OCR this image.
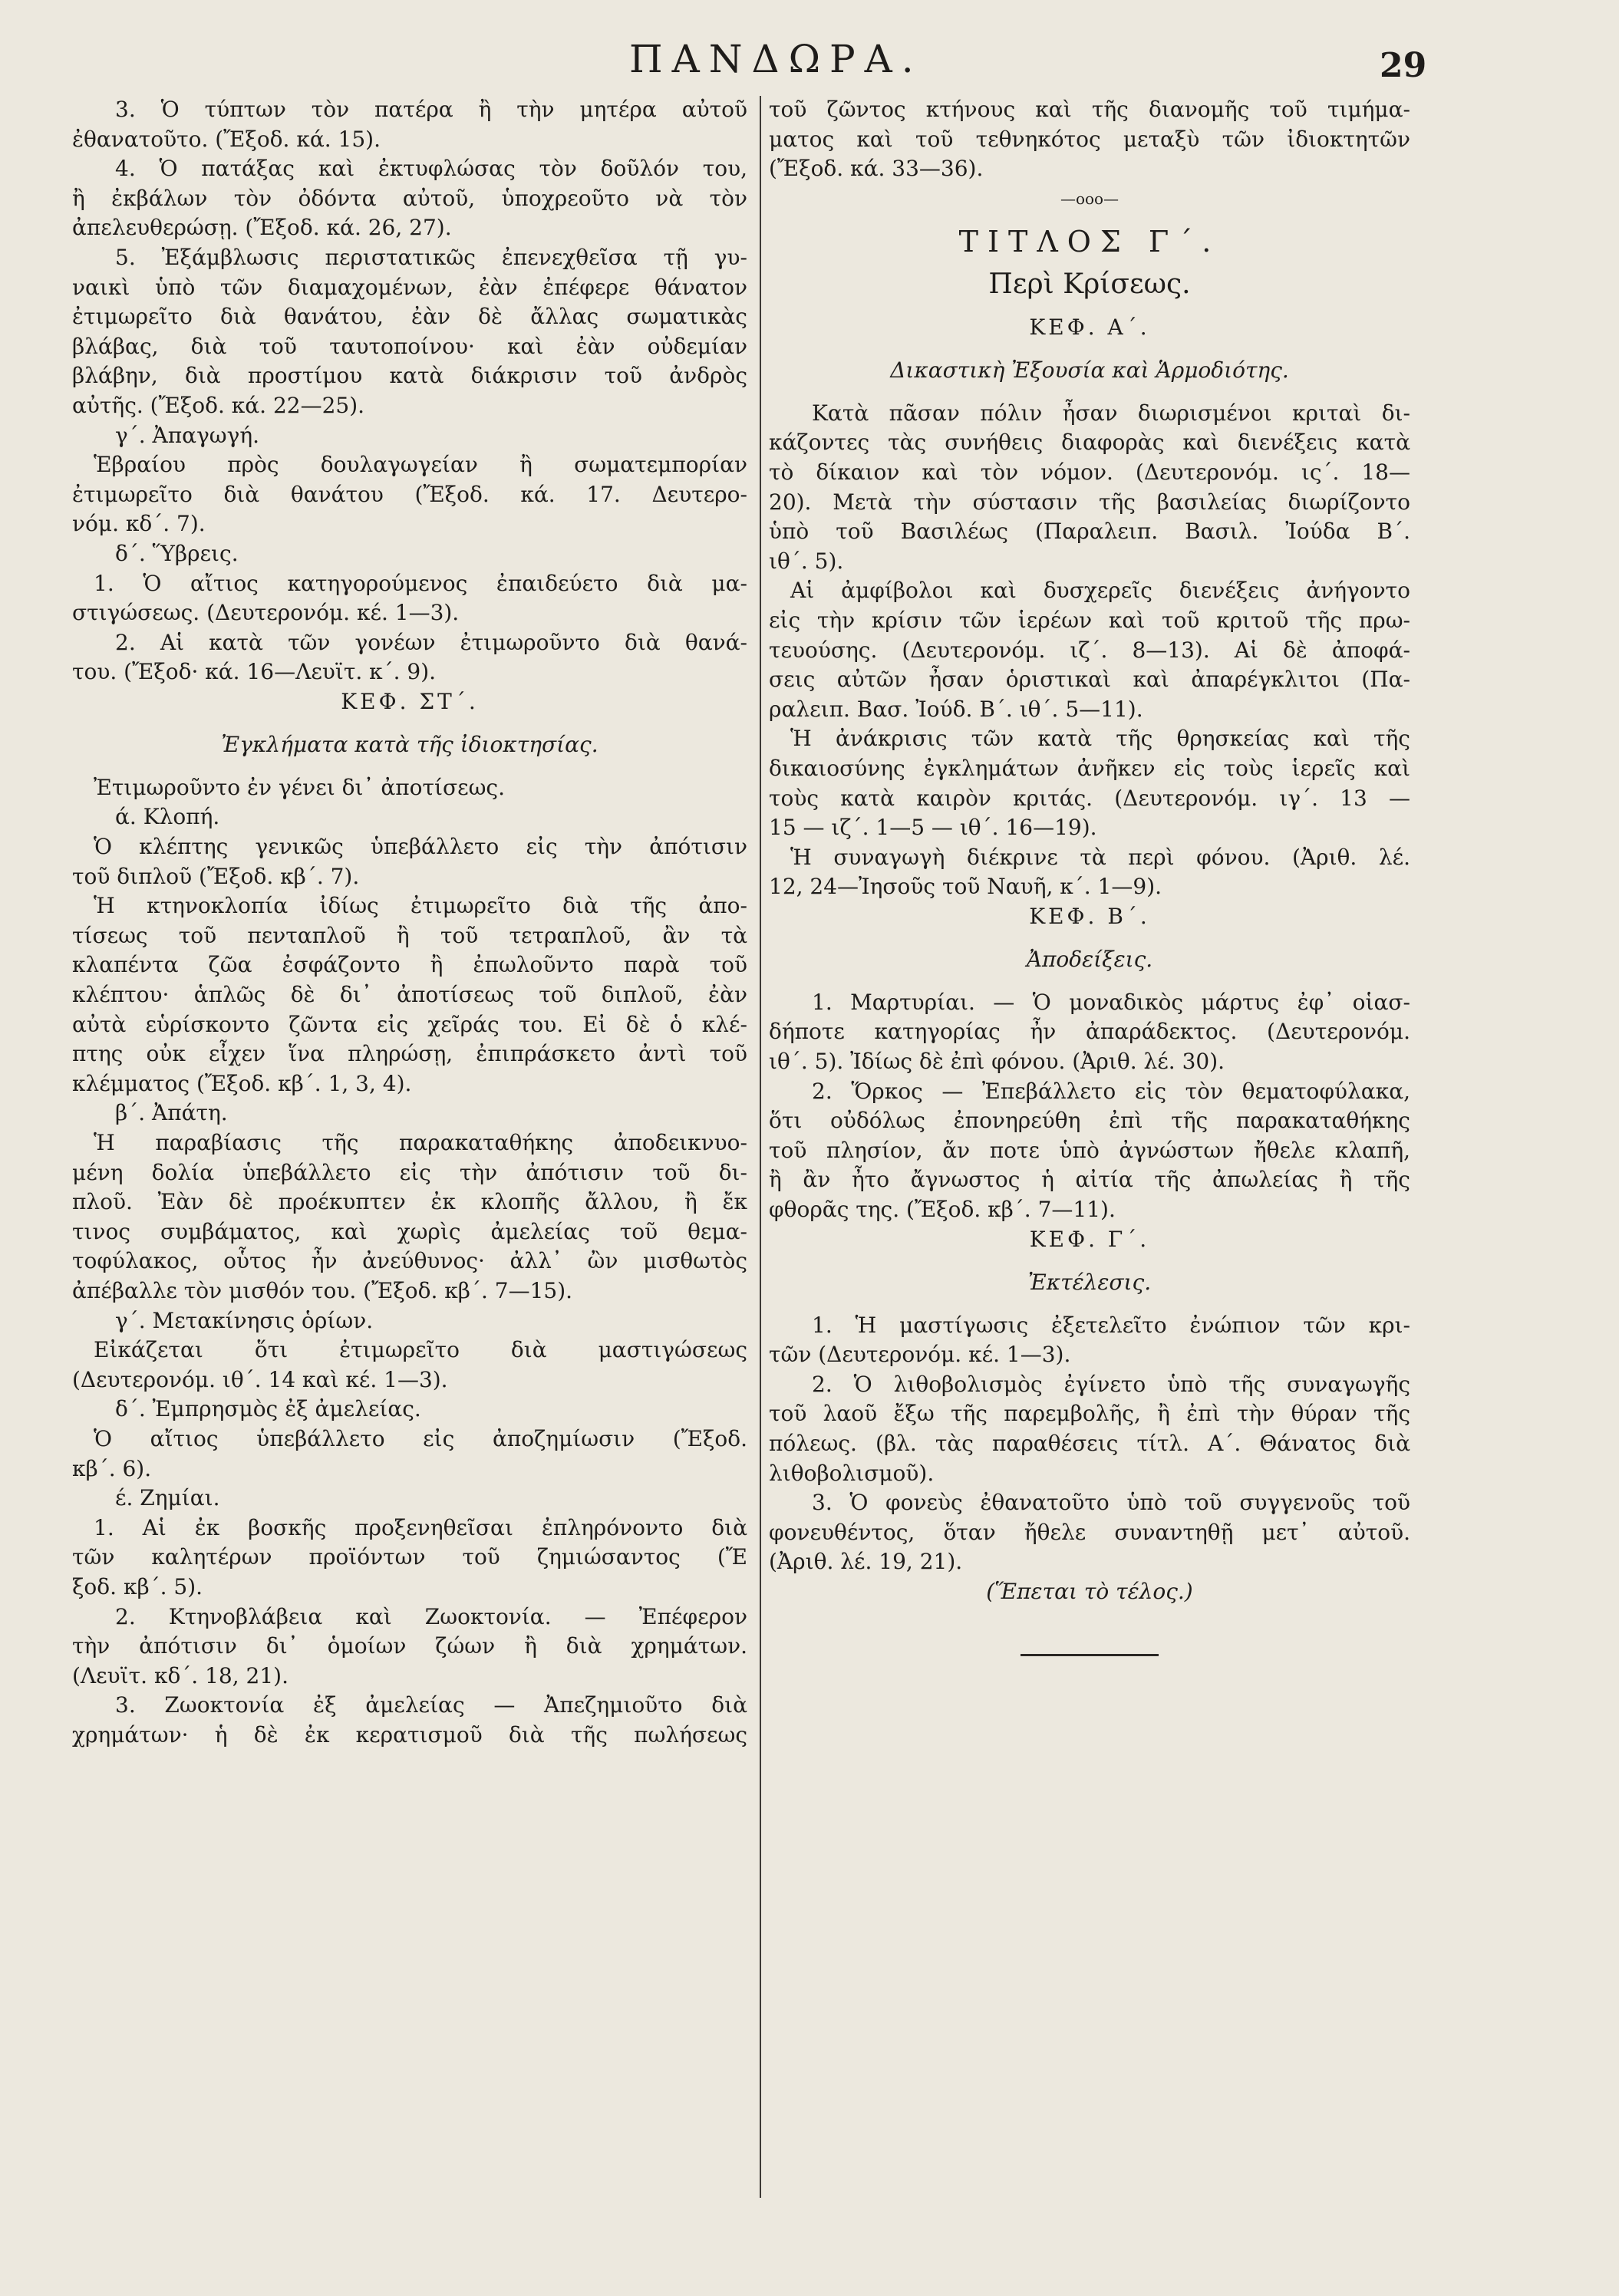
ΠΑΝΔΩΡΑ.	29
3. Ὁ τύπτων τὸν πατέρα ἢ τὴν μητέρα αὐτοῦ
ἐθανατοῦτο. (Ἔξοδ. κά. 15).
4. Ὁ πατάξας καὶ ἐκτυφλώσας τὸν δοῦλόν του,
ἢ ἐκβάλων τὸν ὀδόντα αὐτοῦ, ὑποχρεοῦτο νὰ τὸν
ἀπελευθερώσῃ. (Ἔξοδ. κά. 26, 27).
5. Ἐξάμβλωσις περιστατικῶς ἐπενεχθεῖσα τῇ γυ-
ναικὶ ὑπὸ τῶν διαμαχομένων, ἐὰν ἐπέφερε θάνατον
ἐτιμωρεῖτο διὰ θανάτου, ἐὰν δὲ ἄλλας σωματικὰς
βλάβας, διὰ τοῦ ταυτοποίνου· καὶ ἐὰν οὐδεμίαν
βλάβην, διὰ προστίμου κατὰ διάκρισιν τοῦ ἀνδρὸς
αὐτῆς. (Ἔξοδ. κά. 22—25).
γ΄. Ἀπαγωγή.
Ἑβραίου πρὸς δουλαγωγείαν ἢ σωματεμπορίαν
ἐτιμωρεῖτο διὰ θανάτου (Ἔξοδ. κά. 17. Δευτερο-
νόμ. κδ΄. 7).
δ΄. Ὕβρεις.
1. Ὁ αἴτιος κατηγορούμενος ἐπαιδεύετο διὰ μα-
στιγώσεως. (Δευτερονόμ. κέ. 1—3).
2. Αἱ κατὰ τῶν γονέων ἐτιμωροῦντο διὰ θανά-
του. (Ἔξοδ· κά. 16—Λευϊτ. κ΄. 9).
ΚΕΦ. ΣΤ΄.
Ἐγκλήματα κατὰ τῆς ἰδιοκτησίας.
Ἐτιμωροῦντο ἐν γένει δι᾽ ἀποτίσεως.
ά. Κλοπή.
Ὁ κλέπτης γενικῶς ὑπεβάλλετο εἰς τὴν ἀπότισιν
τοῦ διπλοῦ (Ἔξοδ. κβ΄. 7).
Ἡ κτηνοκλοπία ἰδίως ἐτιμωρεῖτο διὰ τῆς ἀπο-
τίσεως τοῦ πενταπλοῦ ἢ τοῦ τετραπλοῦ, ἂν τὰ
κλαπέντα ζῶα ἐσφάζοντο ἢ ἐπωλοῦντο παρὰ τοῦ
κλέπτου· ἁπλῶς δὲ δι᾽ ἀποτίσεως τοῦ διπλοῦ, ἐὰν
αὐτὰ εὑρίσκοντο ζῶντα εἰς χεῖράς του. Εἰ δὲ ὁ κλέ-
πτης οὐκ εἶχεν ἵνα πληρώσῃ, ἐπιπράσκετο ἀντὶ τοῦ
κλέμματος (Ἔξοδ. κβ΄. 1, 3, 4).
β΄. Ἀπάτη.
Ἡ παραβίασις τῆς παρακαταθήκης ἀποδεικνυο-
μένη δολία ὑπεβάλλετο εἰς τὴν ἀπότισιν τοῦ δι-
πλοῦ. Ἐὰν δὲ προέκυπτεν ἐκ κλοπῆς ἄλλου, ἢ ἔκ
τινος συμβάματος, καὶ χωρὶς ἀμελείας τοῦ θεμα-
τοφύλακος, οὗτος ἦν ἀνεύθυνος· ἀλλ᾽ ὢν μισθωτὸς
ἀπέβαλλε τὸν μισθόν του. (Ἔξοδ. κβ΄. 7—15).
γ΄. Μετακίνησις ὁρίων.
Εἰκάζεται ὅτι ἐτιμωρεῖτο διὰ μαστιγώσεως
(Δευτερονόμ. ιθ΄. 14 καὶ κέ. 1—3).
δ΄. Ἐμπρησμὸς ἐξ ἀμελείας.
Ὁ αἴτιος ὑπεβάλλετο εἰς ἀποζημίωσιν (Ἔξοδ.
κβ΄. 6).
έ. Ζημίαι.
1. Αἱ ἐκ βοσκῆς προξενηθεῖσαι ἐπληρόνοντο διὰ
τῶν καλητέρων προϊόντων τοῦ ζημιώσαντος (Ἔ
ξοδ. κβ΄. 5).
2. Κτηνοβλάβεια καὶ Ζωοκτονία. — Ἐπέφερον
τὴν ἀπότισιν δι᾽ ὁμοίων ζώων ἢ διὰ χρημάτων.
(Λευϊτ. κδ΄. 18, 21).
3. Ζωοκτονία ἐξ ἀμελείας — Ἀπεζημιοῦτο διὰ
χρημάτων· ἡ δὲ ἐκ κερατισμοῦ διὰ τῆς πωλήσεως
τοῦ ζῶντος κτήνους καὶ τῆς διανομῆς τοῦ τιμήμα-
ματος καὶ τοῦ τεθνηκότος μεταξὺ τῶν ἰδιοκτητῶν
(Ἔξοδ. κά. 33—36).
—οοο—
ΤΙΤΛΟΣ Γ΄.
Περὶ Κρίσεως.
ΚΕΦ. Α΄.
Δικαστικὴ Ἐξουσία καὶ Ἁρμοδιότης.
Κατὰ πᾶσαν πόλιν ἦσαν διωρισμένοι κριταὶ δι-
κάζοντες τὰς συνήθεις διαφορὰς καὶ διενέξεις κατὰ
τὸ δίκαιον καὶ τὸν νόμον. (Δευτερονόμ. ις΄. 18—
20). Μετὰ τὴν σύστασιν τῆς βασιλείας διωρίζοντο
ὑπὸ τοῦ Βασιλέως (Παραλειπ. Βασιλ. Ἰούδα Β΄.
ιθ΄. 5).
Αἱ ἀμφίβολοι καὶ δυσχερεῖς διενέξεις ἀνήγοντο
εἰς τὴν κρίσιν τῶν ἱερέων καὶ τοῦ κριτοῦ τῆς πρω-
τευούσης. (Δευτερονόμ. ιζ΄. 8—13). Αἱ δὲ ἀποφά-
σεις αὐτῶν ἦσαν ὁριστικαὶ καὶ ἀπαρέγκλιτοι (Πα-
ραλειπ. Βασ. Ἰούδ. Β΄. ιθ΄. 5—11).
Ἡ ἀνάκρισις τῶν κατὰ τῆς θρησκείας καὶ τῆς
δικαιοσύνης ἐγκλημάτων ἀνῆκεν εἰς τοὺς ἱερεῖς καὶ
τοὺς κατὰ καιρὸν κριτάς. (Δευτερονόμ. ιγ΄. 13 —
15 — ιζ΄. 1—5 — ιθ΄. 16—19).
Ἡ συναγωγὴ διέκρινε τὰ περὶ φόνου. (Ἀριθ. λέ.
12, 24—Ἰησοῦς τοῦ Ναυῆ, κ΄. 1—9).
ΚΕΦ. Β΄.
Ἀποδείξεις.
1. Μαρτυρίαι. — Ὁ μοναδικὸς μάρτυς ἐφ᾽ οἱασ-
δήποτε κατηγορίας ἦν ἀπαράδεκτος. (Δευτερονόμ.
ιθ΄. 5). Ἰδίως δὲ ἐπὶ φόνου. (Ἀριθ. λέ. 30).
2. Ὅρκος — Ἐπεβάλλετο εἰς τὸν θεματοφύλακα,
ὅτι οὐδόλως ἐπονηρεύθη ἐπὶ τῆς παρακαταθήκης
τοῦ πλησίον, ἄν ποτε ὑπὸ ἀγνώστων ἤθελε κλαπῆ,
ἢ ἂν ἦτο ἄγνωστος ἡ αἰτία τῆς ἀπωλείας ἢ τῆς
φθορᾶς της. (Ἔξοδ. κβ΄. 7—11).
ΚΕΦ. Γ΄.
Ἐκτέλεσις.
1. Ἡ μαστίγωσις ἐξετελεῖτο ἐνώπιον τῶν κρι-
τῶν (Δευτερονόμ. κέ. 1—3).
2. Ὁ λιθοβολισμὸς ἐγίνετο ὑπὸ τῆς συναγωγῆς
τοῦ λαοῦ ἔξω τῆς παρεμβολῆς, ἢ ἐπὶ τὴν θύραν τῆς
πόλεως. (βλ. τὰς παραθέσεις τίτλ. Α΄. Θάνατος διὰ
λιθοβολισμοῦ).
3. Ὁ φονεὺς ἐθανατοῦτο ὑπὸ τοῦ συγγενοῦς τοῦ
φονευθέντος, ὅταν ἤθελε συναντηθῇ μετ᾽ αὐτοῦ.
(Ἀριθ. λέ. 19, 21).
(Ἕπεται τὸ τέλος.)
